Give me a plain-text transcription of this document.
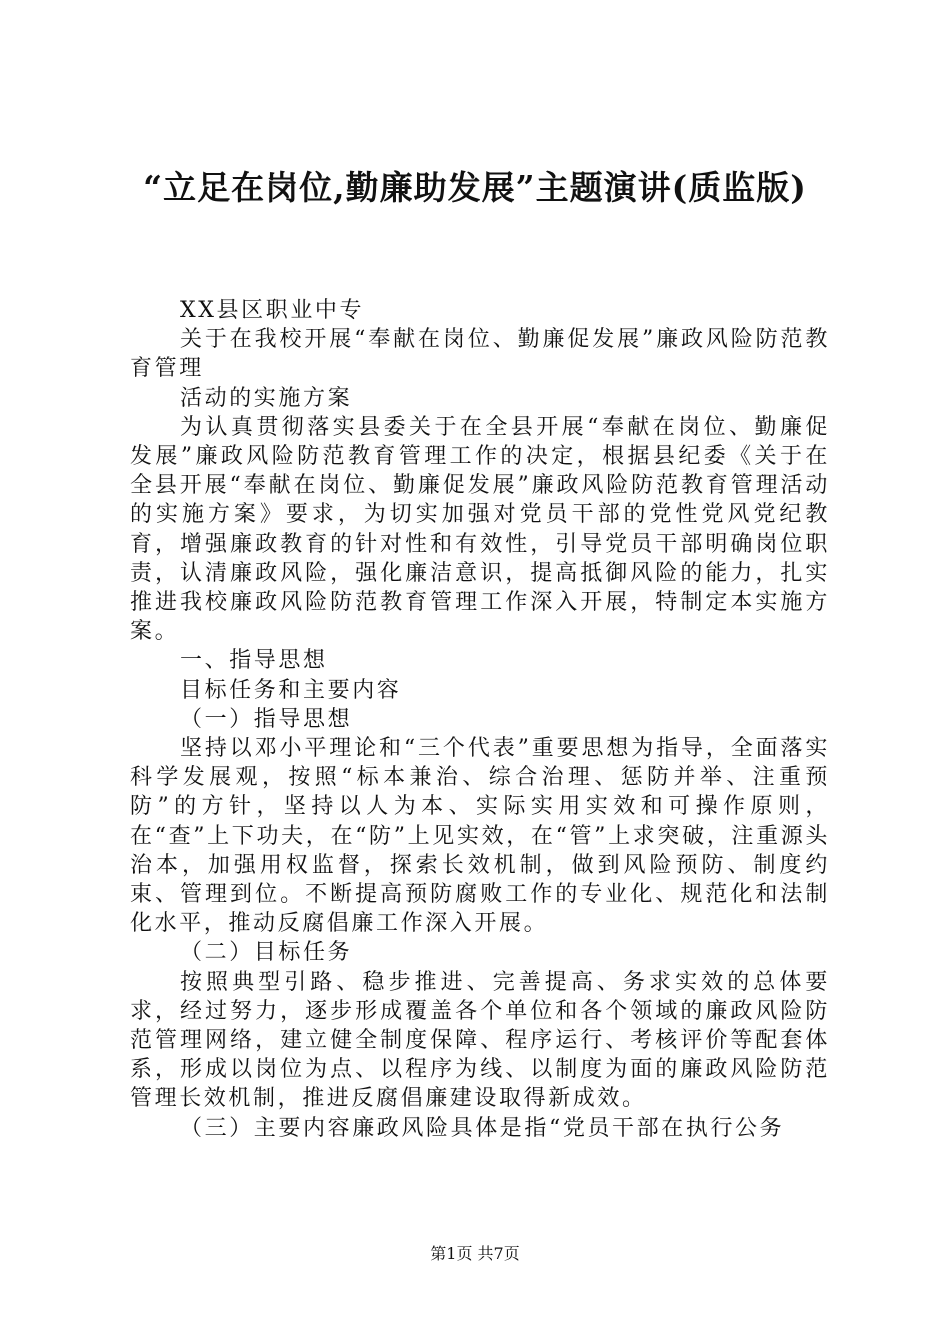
“立足在岗位,勤廉助发展”主题演讲(质监版)

XX县区职业中专

关于在我校开展“奉献在岗位、勤廉促发展”廉政风险防范教育管理

活动的实施方案

为认真贯彻落实县委关于在全县开展“奉献在岗位、勤廉促发展”廉政风险防范教育管理工作的决定，根据县纪委《关于在全县开展“奉献在岗位、勤廉促发展”廉政风险防范教育管理活动的实施方案》要求，为切实加强对党员干部的党性党风党纪教育，增强廉政教育的针对性和有效性，引导党员干部明确岗位职责，认清廉政风险，强化廉洁意识，提高抵御风险的能力，扎实推进我校廉政风险防范教育管理工作深入开展，特制定本实施方案。

一、指导思想

目标任务和主要内容

（一）指导思想

坚持以邓小平理论和“三个代表”重要思想为指导，全面落实科学发展观，按照“标本兼治、综合治理、惩防并举、注重预防”的方针，坚持以人为本、实际实用实效和可操作原则，在“查”上下功夫，在“防”上见实效，在“管”上求突破，注重源头治本，加强用权监督，探索长效机制，做到风险预防、制度约束、管理到位。不断提高预防腐败工作的专业化、规范化和法制化水平，推动反腐倡廉工作深入开展。

（二）目标任务

按照典型引路、稳步推进、完善提高、务求实效的总体要求，经过努力，逐步形成覆盖各个单位和各个领域的廉政风险防范管理网络，建立健全制度保障、程序运行、考核评价等配套体系，形成以岗位为点、以程序为线、以制度为面的廉政风险防范管理长效机制，推进反腐倡廉建设取得新成效。

（三）主要内容廉政风险具体是指“党员干部在执行公务

第1页 共7页
